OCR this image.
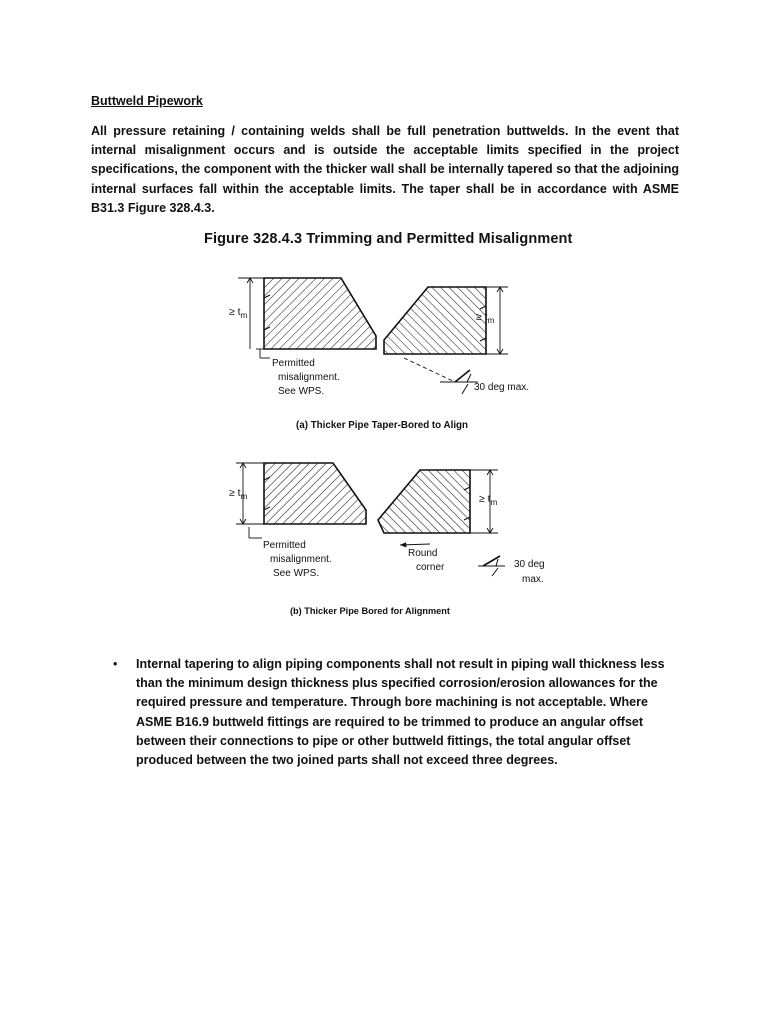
Buttweld Pipework
All pressure retaining / containing welds shall be full penetration buttwelds. In the event that internal misalignment occurs and is outside the acceptable limits specified in the project specifications, the component with the thicker wall shall be internally tapered so that the adjoining internal surfaces fall within the acceptable limits. The taper shall be in accordance with ASME B31.3 Figure 328.4.3.
Figure 328.4.3 Trimming and Permitted Misalignment
≥ $t_m$
Permitted
misalignment.
See WPS.
≥ $t_m$
30 deg max.
(a) Thicker Pipe Taper-Bored to Align
≥ $t_m$
Permitted
misalignment.
See WPS.
≥ $t_m$
Round
corner	30 deg
max.
(b) Thicker Pipe Bored for Alignment
• Internal tapering to align piping components shall not result in piping wall thickness less than the minimum design thickness plus specified corrosion/erosion allowances for the required pressure and temperature. Through bore machining is not acceptable. Where ASME B16.9 buttweld fittings are required to be trimmed to produce an angular offset between their connections to pipe or other buttweld fittings, the total angular offset produced between the two joined parts shall not exceed three degrees.
